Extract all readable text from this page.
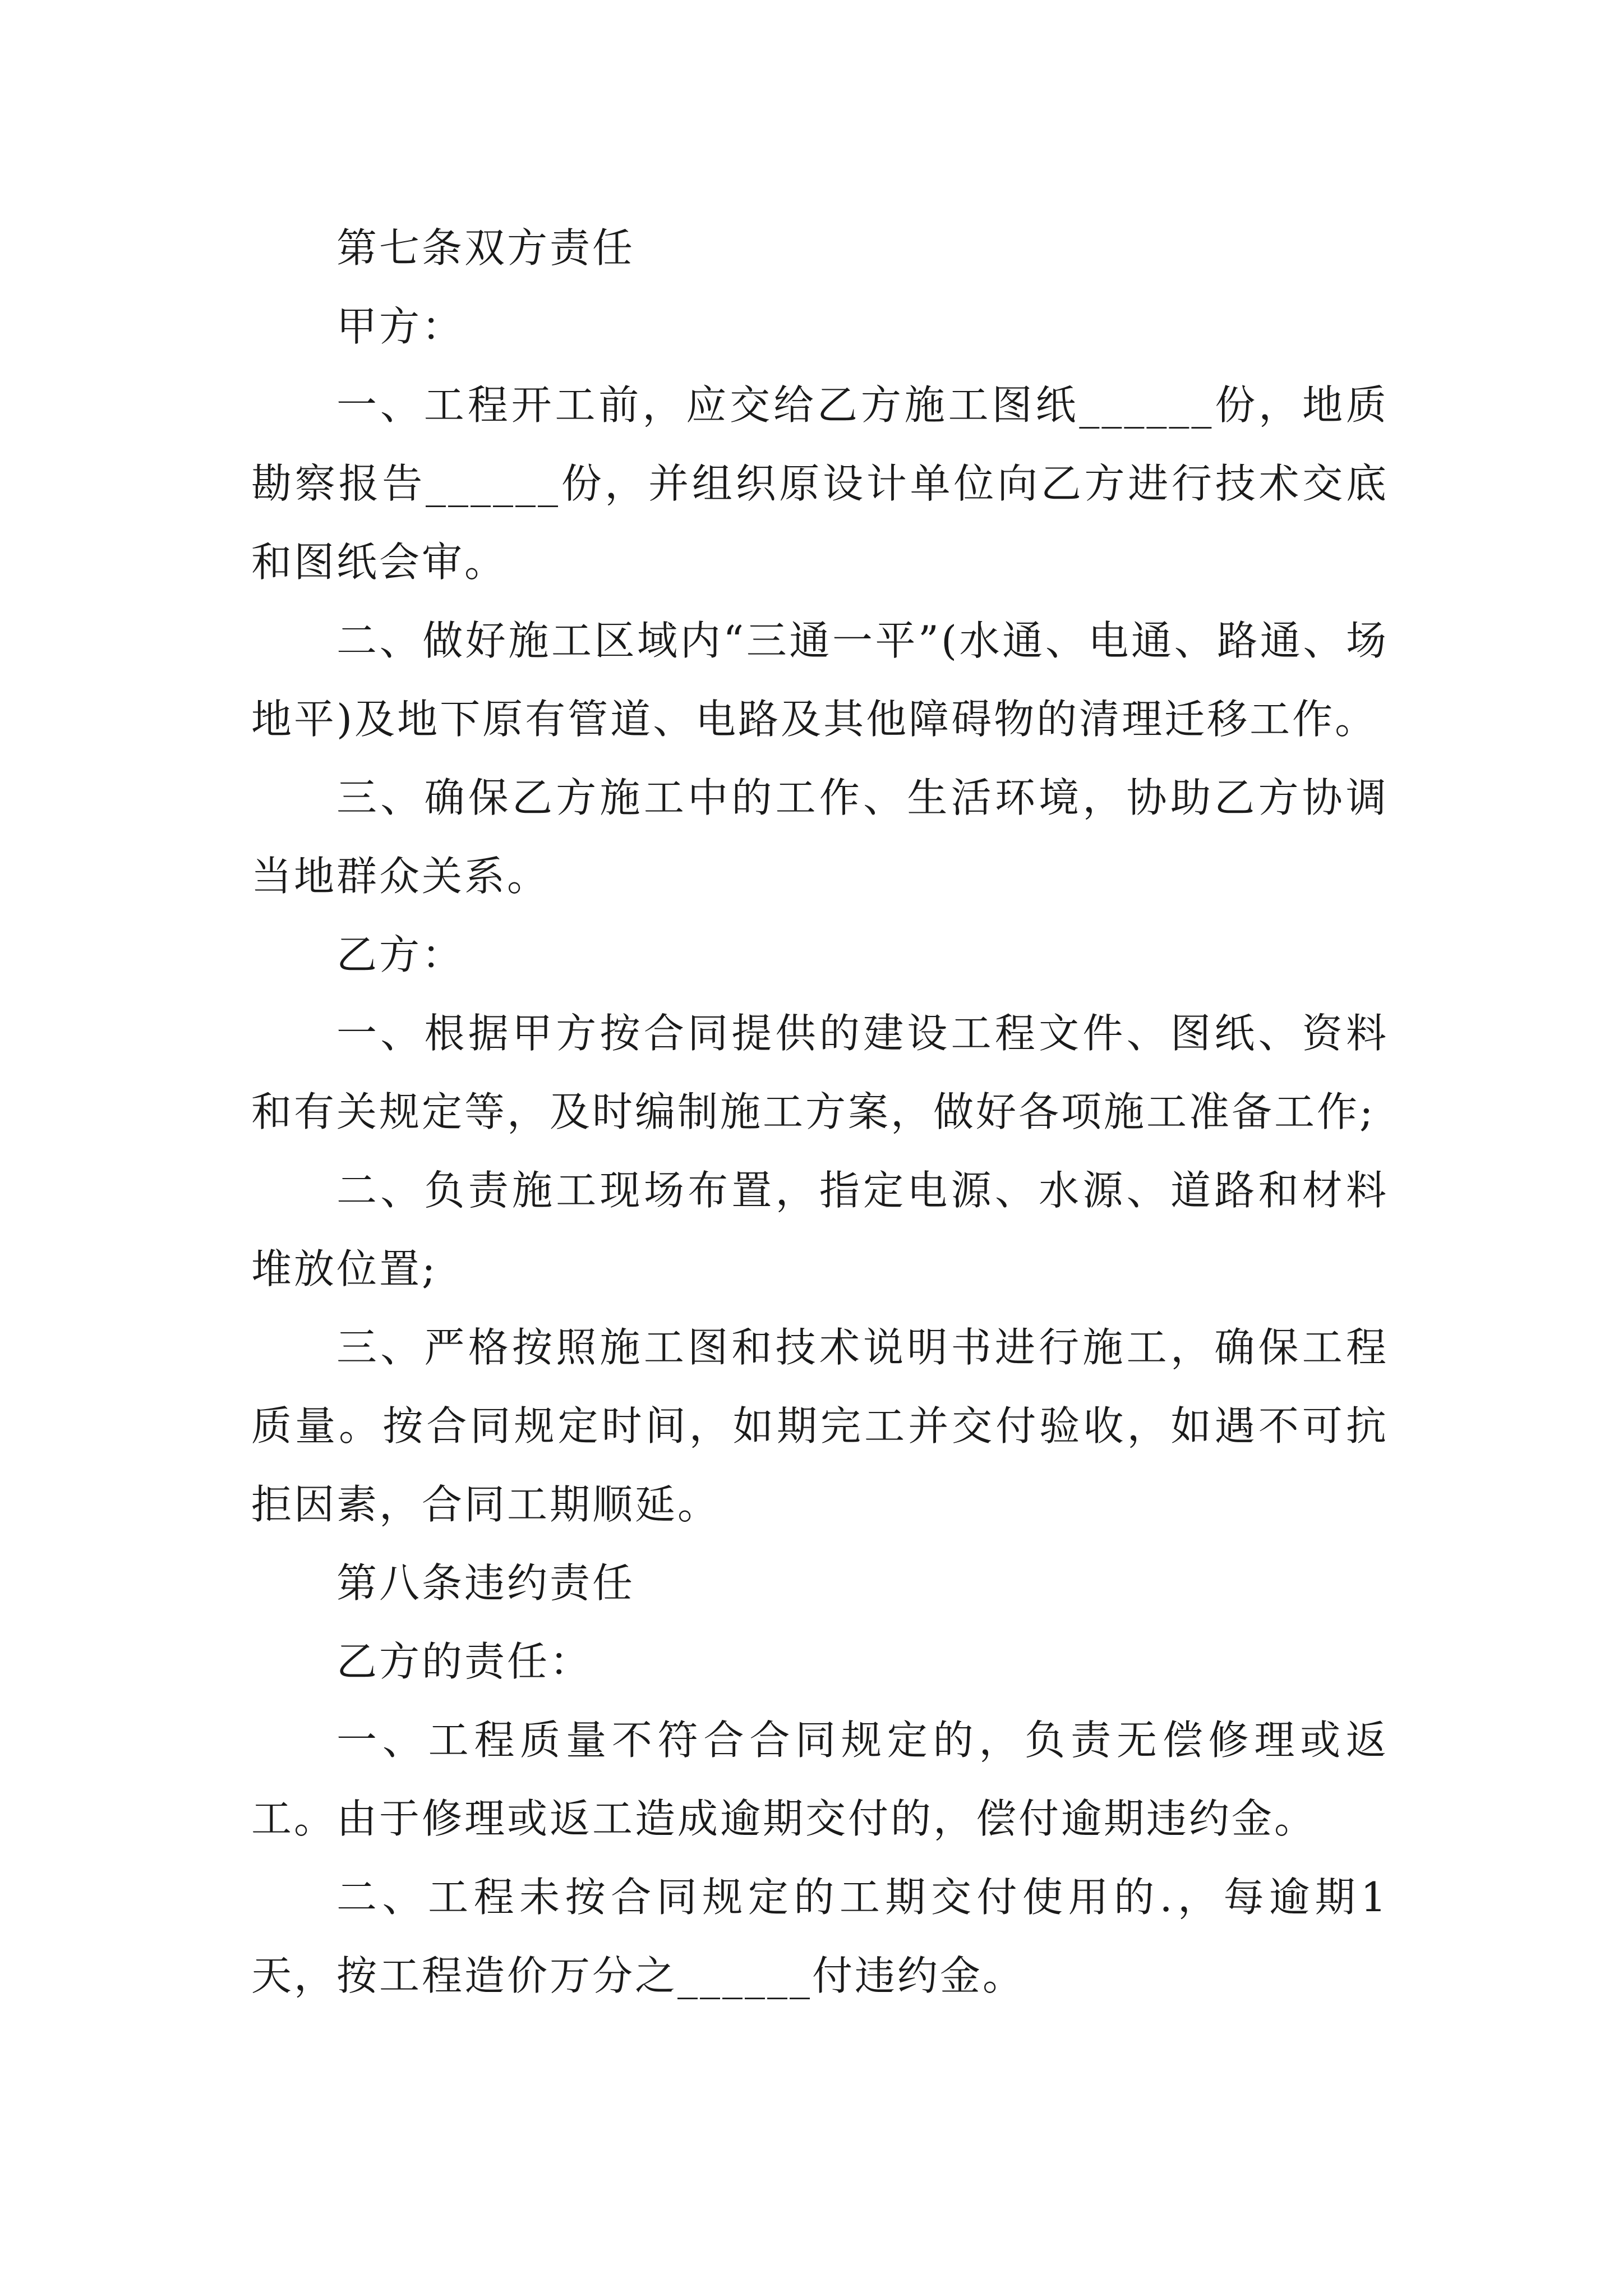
第七条双方责任

甲方：

一、工程开工前，应交给乙方施工图纸______份，地质勘察报告______份，并组织原设计单位向乙方进行技术交底和图纸会审。

二、做好施工区域内“三通一平”(水通、电通、路通、场地平)及地下原有管道、电路及其他障碍物的清理迁移工作。

三、确保乙方施工中的工作、生活环境，协助乙方协调当地群众关系。

乙方：

一、根据甲方按合同提供的建设工程文件、图纸、资料和有关规定等，及时编制施工方案，做好各项施工准备工作;

二、负责施工现场布置，指定电源、水源、道路和材料堆放位置;

三、严格按照施工图和技术说明书进行施工，确保工程质量。按合同规定时间，如期完工并交付验收，如遇不可抗拒因素，合同工期顺延。

第八条违约责任

乙方的责任：

一、工程质量不符合合同规定的，负责无偿修理或返工。由于修理或返工造成逾期交付的，偿付逾期违约金。

二、工程未按合同规定的工期交付使用的.，每逾期1天，按工程造价万分之______付违约金。
